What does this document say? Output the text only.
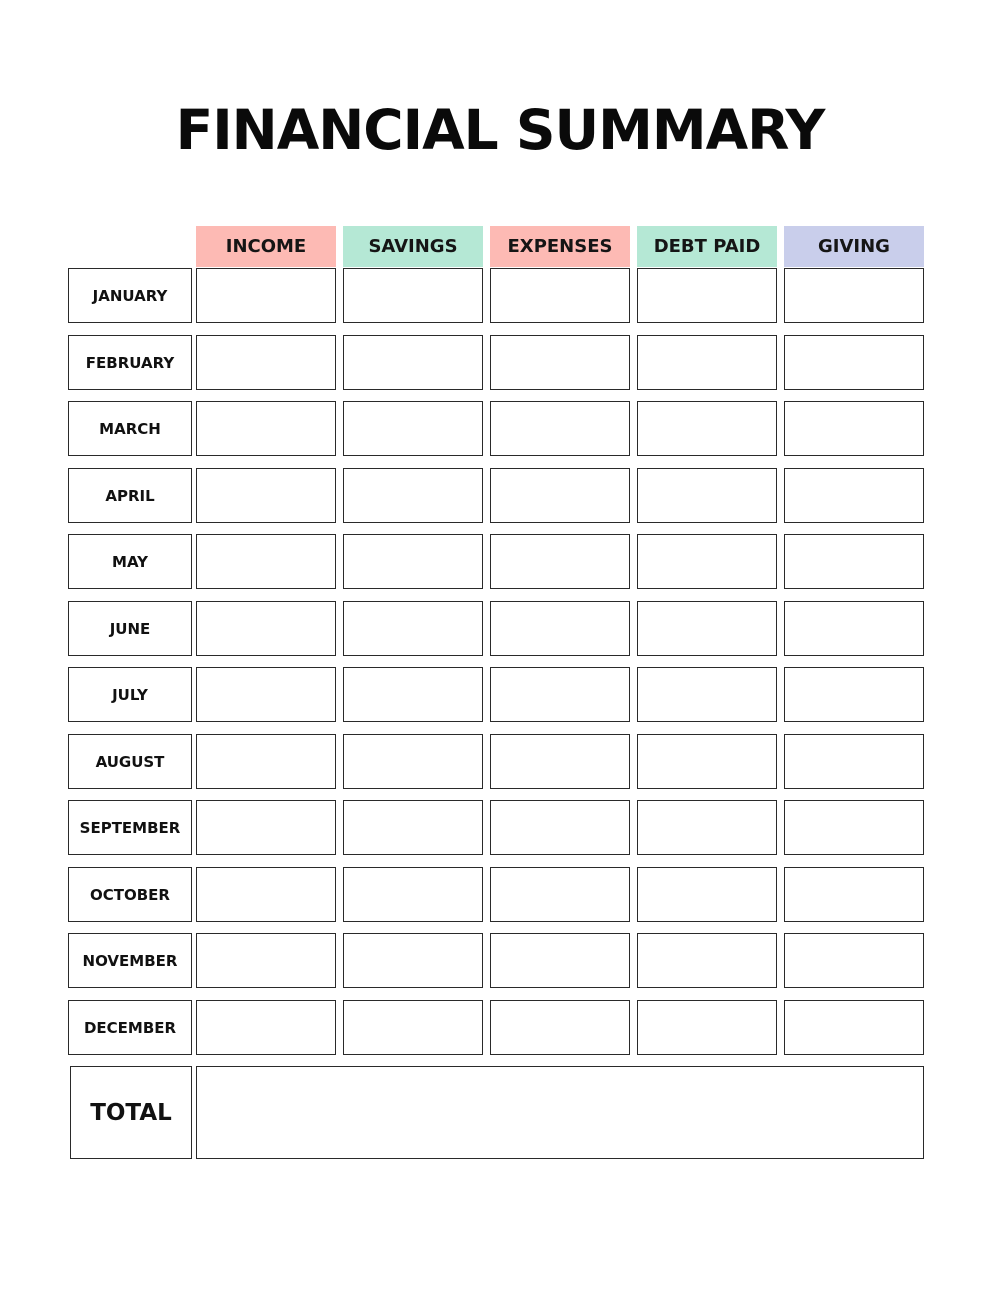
FINANCIAL SUMMARY
INCOME	SAVINGS	EXPENSES	DEBT PAID	GIVING
JANUARY
FEBRUARY
MARCH
APRIL
MAY
JUNE
JULY
AUGUST
SEPTEMBER
OCTOBER
NOVEMBER
DECEMBER
TOTAL
